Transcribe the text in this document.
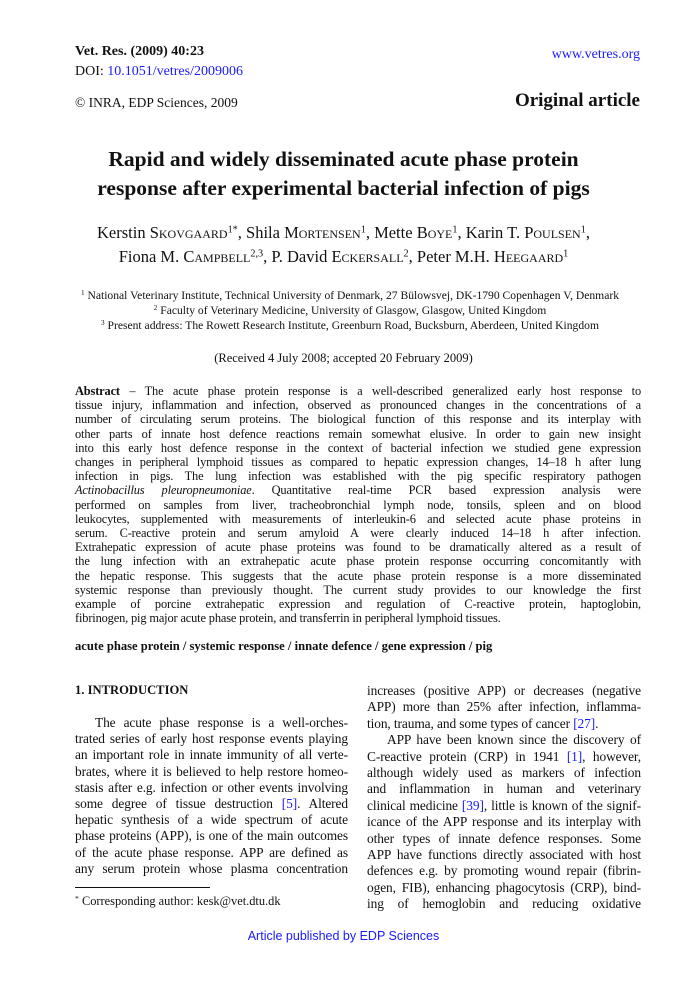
Vet. Res. (2009) 40:23
DOI: 10.1051/vetres/2009006
www.vetres.org
© INRA, EDP Sciences, 2009	Original article
Rapid and widely disseminated acute phase protein
response after experimental bacterial infection of pigs
Kerstin Skovgaard$^{1*}$, Shila Mortensen$^1$, Mette Boye$^1$, Karin T. Poulsen$^1$,
Fiona M. Campbell$^{2,3}$, P. David Eckersall$^2$, Peter M.H. Heegaard$^1$
$^1$ National Veterinary Institute, Technical University of Denmark, 27 Bülowsvej, DK-1790 Copenhagen V, Denmark
$^2$ Faculty of Veterinary Medicine, University of Glasgow, Glasgow, United Kingdom
$^3$ Present address: The Rowett Research Institute, Greenburn Road, Bucksburn, Aberdeen, United Kingdom
(Received 4 July 2008; accepted 20 February 2009)
Abstract – The acute phase protein response is a well-described generalized early host response to
tissue injury, inflammation and infection, observed as pronounced changes in the concentrations of a
number of circulating serum proteins. The biological function of this response and its interplay with
other parts of innate host defence reactions remain somewhat elusive. In order to gain new insight
into this early host defence response in the context of bacterial infection we studied gene expression
changes in peripheral lymphoid tissues as compared to hepatic expression changes, 14–18 h after lung
infection in pigs. The lung infection was established with the pig specific respiratory pathogen
Actinobacillus pleuropneumoniae. Quantitative real-time PCR based expression analysis were
performed on samples from liver, tracheobronchial lymph node, tonsils, spleen and on blood
leukocytes, supplemented with measurements of interleukin-6 and selected acute phase proteins in
serum. C-reactive protein and serum amyloid A were clearly induced 14–18 h after infection.
Extrahepatic expression of acute phase proteins was found to be dramatically altered as a result of
the lung infection with an extrahepatic acute phase protein response occurring concomitantly with
the hepatic response. This suggests that the acute phase protein response is a more disseminated
systemic response than previously thought. The current study provides to our knowledge the first
example of porcine extrahepatic expression and regulation of C-reactive protein, haptoglobin,
fibrinogen, pig major acute phase protein, and transferrin in peripheral lymphoid tissues.
acute phase protein / systemic response / innate defence / gene expression / pig
1. INTRODUCTION
The acute phase response is a well-orches-
trated series of early host response events playing
an important role in innate immunity of all verte-
brates, where it is believed to help restore homeo-
stasis after e.g. infection or other events involving
some degree of tissue destruction [5]. Altered
hepatic synthesis of a wide spectrum of acute
phase proteins (APP), is one of the main outcomes
of the acute phase response. APP are defined as
any serum protein whose plasma concentration
increases (positive APP) or decreases (negative
APP) more than 25% after infection, inflamma-
tion, trauma, and some types of cancer [27].
APP have been known since the discovery of
C-reactive protein (CRP) in 1941 [1], however,
although widely used as markers of infection
and inflammation in human and veterinary
clinical medicine [39], little is known of the signif-
icance of the APP response and its interplay with
other types of innate defence responses. Some
APP have functions directly associated with host
defences e.g. by promoting wound repair (fibrin-
ogen, FIB), enhancing phagocytosis (CRP), bind-
ing of hemoglobin and reducing oxidative
* Corresponding author: kesk@vet.dtu.dk
Article published by EDP Sciences
